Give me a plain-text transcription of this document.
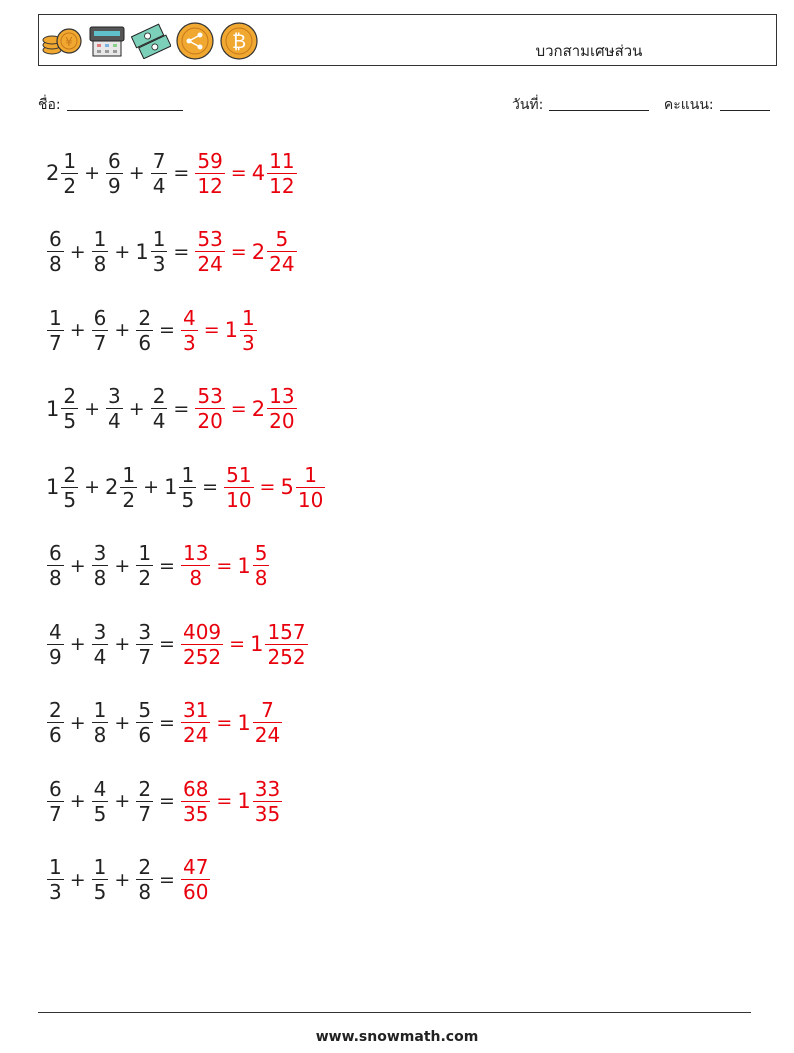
¥	₿	บวกสามเศษส่วน
ชื่อ:	วันที่:	คะแนน:
$2 \frac{1}{2} + \frac{6}{9} + \frac{7}{4} = \frac{59}{12} = 4 \frac{11}{12}$
$\frac{6}{8} + \frac{1}{8} + 1 \frac{1}{3} = \frac{53}{24} = 2 \frac{5}{24}$
$\frac{1}{7} + \frac{6}{7} + \frac{2}{6} = \frac{4}{3} = 1 \frac{1}{3}$
$1 \frac{2}{5} + \frac{3}{4} + \frac{2}{4} = \frac{53}{20} = 2 \frac{13}{20}$
$1 \frac{2}{5} + 2 \frac{1}{2} + 1 \frac{1}{5} = \frac{51}{10} = 5 \frac{1}{10}$
$\frac{6}{8} + \frac{3}{8} + \frac{1}{2} = \frac{13}{8} = 1 \frac{5}{8}$
$\frac{4}{9} + \frac{3}{4} + \frac{3}{7} = \frac{409}{252} = 1 \frac{157}{252}$
$\frac{2}{6} + \frac{1}{8} + \frac{5}{6} = \frac{31}{24} = 1 \frac{7}{24}$
$\frac{6}{7} + \frac{4}{5} + \frac{2}{7} = \frac{68}{35} = 1 \frac{33}{35}$
$\frac{1}{3} + \frac{1}{5} + \frac{2}{8} = \frac{47}{60}$
www.snowmath.com
